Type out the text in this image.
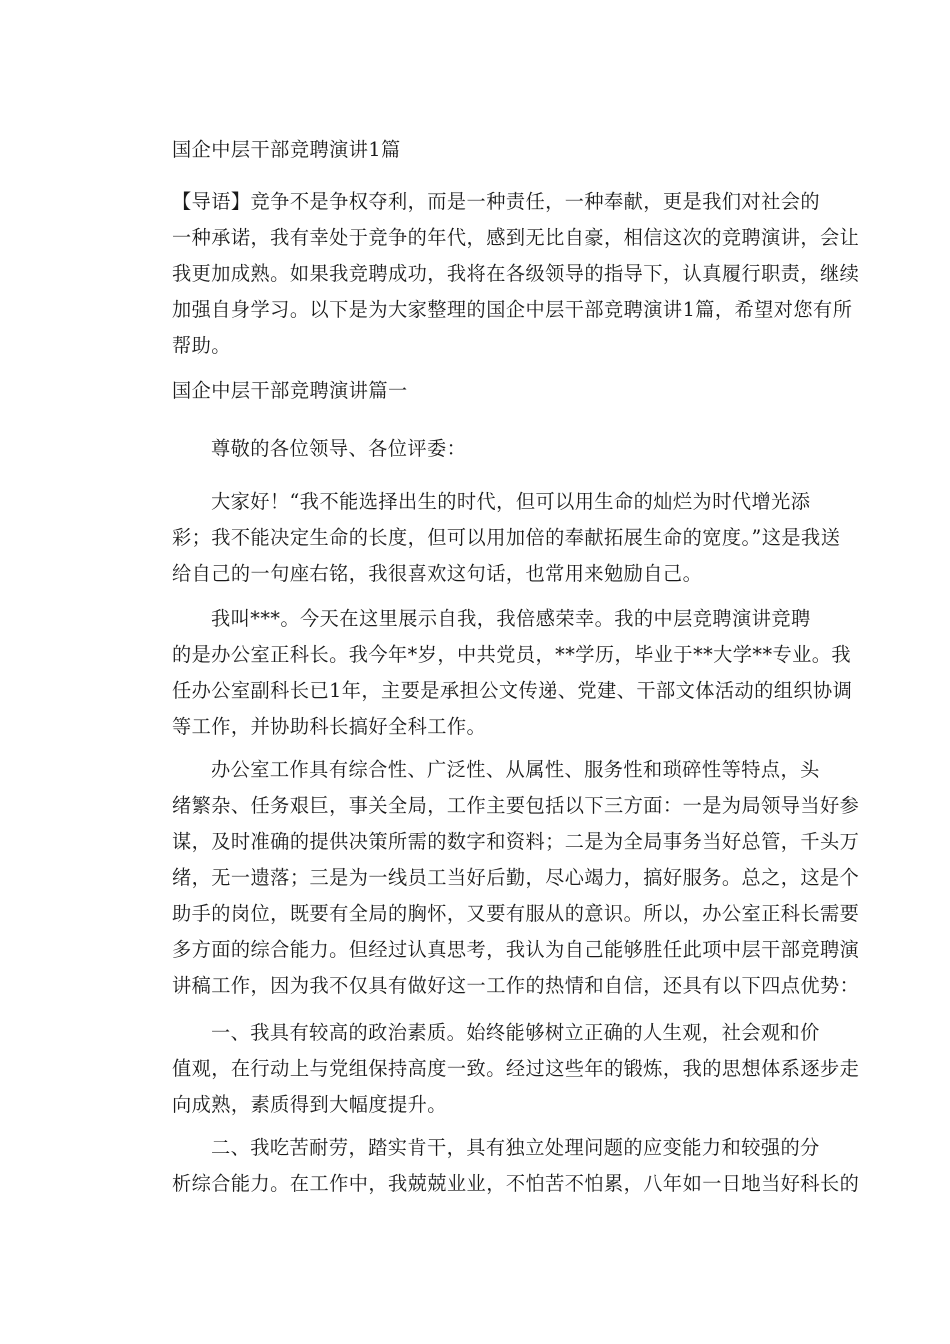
国企中层干部竞聘演讲1篇
【导语】竞争不是争权夺利，而是一种责任，一种奉献，更是我们对社会的
一种承诺，我有幸处于竞争的年代，感到无比自豪，相信这次的竞聘演讲，会让
我更加成熟。如果我竞聘成功，我将在各级领导的指导下，认真履行职责，继续
加强自身学习。以下是为大家整理的国企中层干部竞聘演讲1篇，希望对您有所
帮助。
国企中层干部竞聘演讲篇一
尊敬的各位领导、各位评委：
大家好！“我不能选择出生的时代，但可以用生命的灿烂为时代增光添
彩；我不能决定生命的长度，但可以用加倍的奉献拓展生命的宽度。”这是我送
给自己的一句座右铭，我很喜欢这句话，也常用来勉励自己。
我叫***。今天在这里展示自我，我倍感荣幸。我的中层竞聘演讲竞聘
的是办公室正科长。我今年*岁，中共党员，**学历，毕业于**大学**专业。我
任办公室副科长已1年，主要是承担公文传递、党建、干部文体活动的组织协调
等工作，并协助科长搞好全科工作。
办公室工作具有综合性、广泛性、从属性、服务性和琐碎性等特点，头
绪繁杂、任务艰巨，事关全局，工作主要包括以下三方面：一是为局领导当好参
谋，及时准确的提供决策所需的数字和资料；二是为全局事务当好总管，千头万
绪，无一遗落；三是为一线员工当好后勤，尽心竭力，搞好服务。总之，这是个
助手的岗位，既要有全局的胸怀，又要有服从的意识。所以，办公室正科长需要
多方面的综合能力。但经过认真思考，我认为自己能够胜任此项中层干部竞聘演
讲稿工作，因为我不仅具有做好这一工作的热情和自信，还具有以下四点优势：
一、我具有较高的政治素质。始终能够树立正确的人生观，社会观和价
值观，在行动上与党组保持高度一致。经过这些年的锻炼，我的思想体系逐步走
向成熟，素质得到大幅度提升。
二、我吃苦耐劳，踏实肯干，具有独立处理问题的应变能力和较强的分
析综合能力。在工作中，我兢兢业业，不怕苦不怕累，八年如一日地当好科长的
